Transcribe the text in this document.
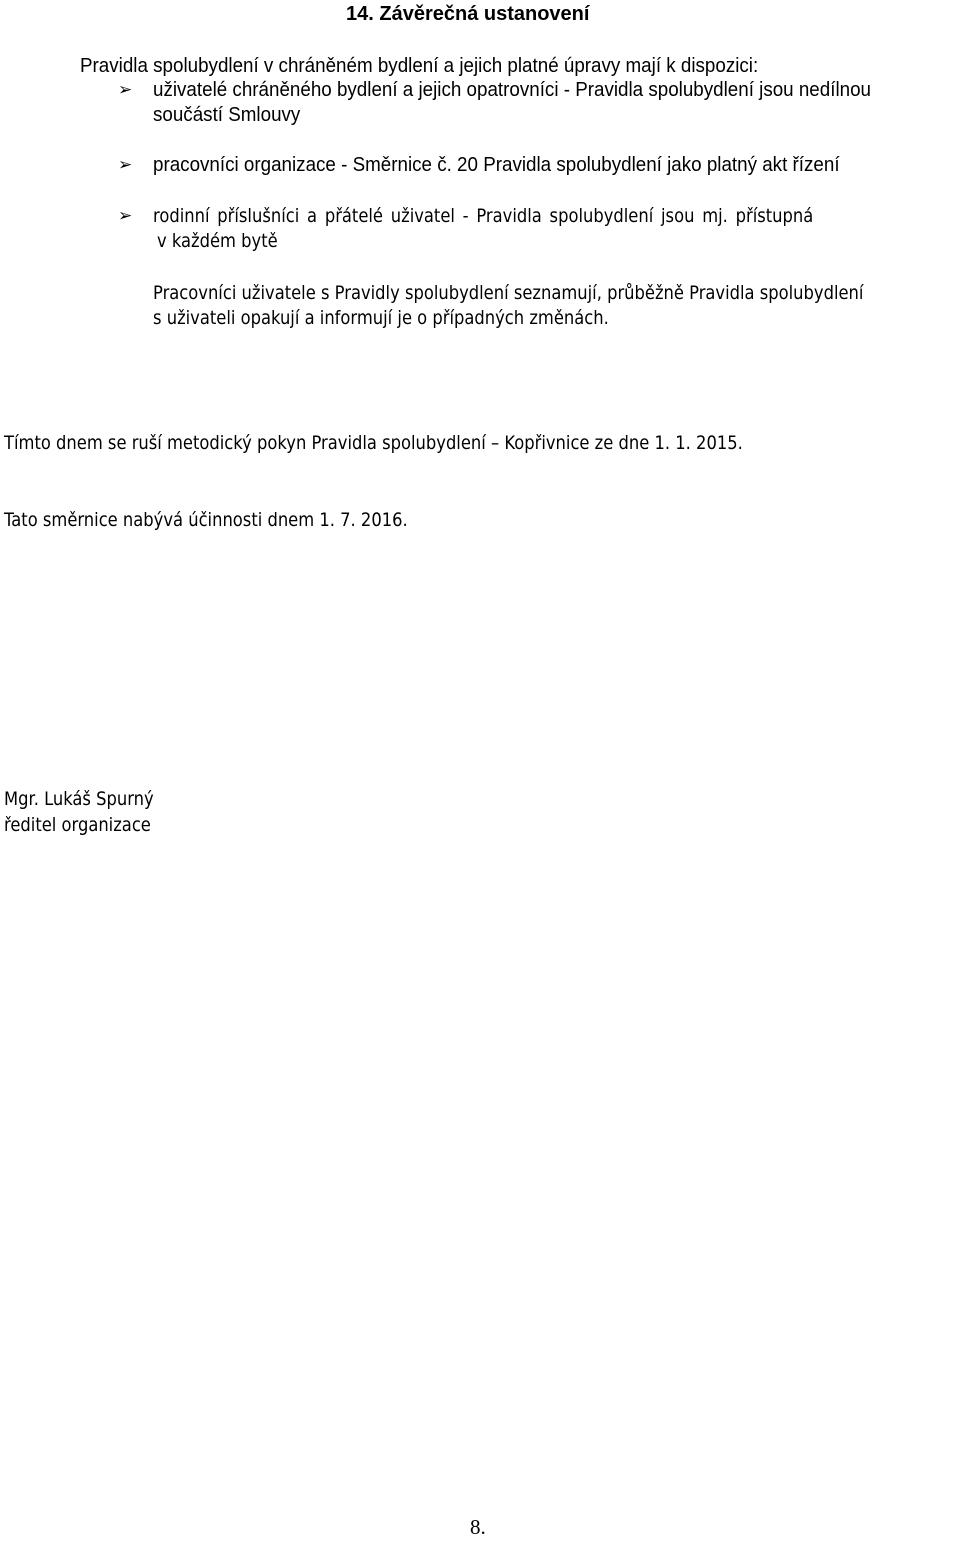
14. Závěrečná ustanovení
Pravidla spolubydlení v chráněném bydlení a jejich platné úpravy mají k dispozici:
➢ uživatelé chráněného bydlení a jejich opatrovníci - Pravidla spolubydlení jsou nedílnou
součástí Smlouvy
➢ pracovníci organizace - Směrnice č. 20 Pravidla spolubydlení jako platný akt řízení
➢ rodinní příslušníci a přátelé uživatel - Pravidla spolubydlení jsou mj. přístupná
v každém bytě
Pracovníci uživatele s Pravidly spolubydlení seznamují, průběžně Pravidla spolubydlení
s uživateli opakují a informují je o případných změnách.
Tímto dnem se ruší metodický pokyn Pravidla spolubydlení – Kopřivnice ze dne 1. 1. 2015.
Tato směrnice nabývá účinnosti dnem 1. 7. 2016.
Mgr. Lukáš Spurný
ředitel organizace
8.
